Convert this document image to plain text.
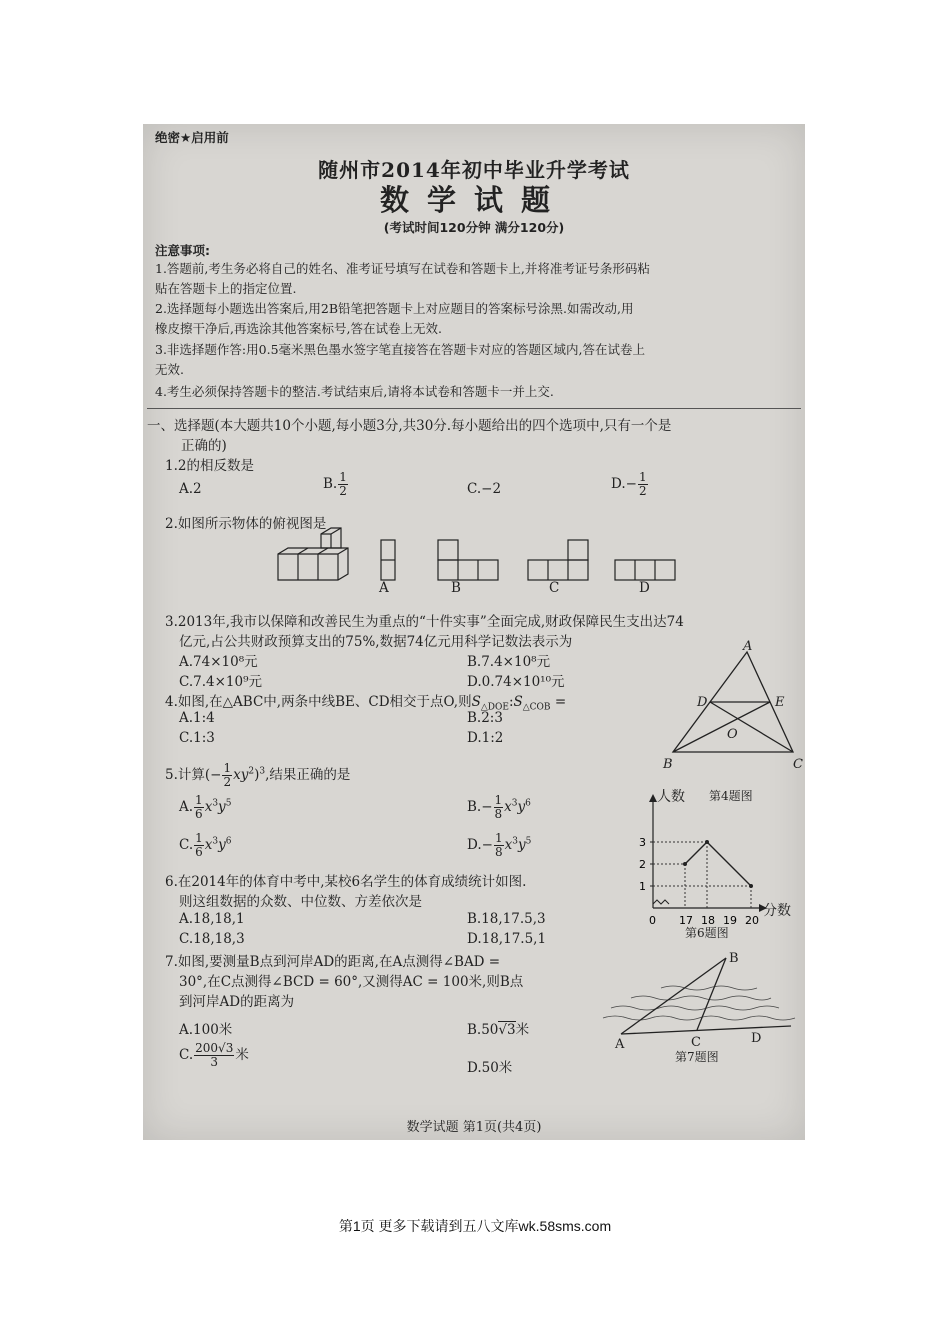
绝密★启用前
随州市2014年初中毕业升学考试
数学试题
(考试时间120分钟 满分120分)
注意事项:
1.答题前,考生务必将自己的姓名、准考证号填写在试卷和答题卡上,并将准考证号条形码粘
贴在答题卡上的指定位置.
2.选择题每小题选出答案后,用2B铅笔把答题卡上对应题目的答案标号涂黑.如需改动,用
橡皮擦干净后,再选涂其他答案标号,答在试卷上无效.
3.非选择题作答:用0.5毫米黑色墨水签字笔直接答在答题卡对应的答题区域内,答在试卷上
无效.
4.考生必须保持答题卡的整洁.考试结束后,请将本试卷和答题卡一并上交.
一、选择题(本大题共10个小题,每小题3分,共30分.每小题给出的四个选项中,只有一个是
正确的)
1.2的相反数是
A.2	B. $\frac{1}{2}$	C.−2	$D.- \frac{1}{2}$
2.如图所示物体的俯视图是
A	B	C	D
3.2013年,我市以保障和改善民生为重点的“十件实事”全面完成,财政保障民生支出达74
亿元,占公共财政预算支出的75%,数据74亿元用科学记数法表示为
A.74×10⁸元	B.7.4×10⁸元
C.7.4×10⁹元	D.0.74×10¹⁰元
4.如图,在△ABC中,两条中线BE、CD相交于点O,则$S_{\triangle DOE}:S_{\triangle COB}$ =
A.1:4	B.2:3
C.1:3	D.1:2
A
D	E
O
B	C
第4题图
5.计算(− $\frac{1}{2} xy^2)^3$,结果正确的是
A. $\frac{1}{6} x^3y^5$	$B.- \frac{1}{8} x^3y^6$
C. $\frac{1}{6} x^3y^6$	$D.- \frac{1}{8} x^3y^5$
1
2
3
0 17 18 19 20
人数
分数
第6题图
6.在2014年的体育中考中,某校6名学生的体育成绩统计如图.
则这组数据的众数、中位数、方差依次是
A.18,18,1	B.18,17.5,3
C.18,18,3	D.18,17.5,1
7.如图,要测量B点到河岸AD的距离,在A点测得∠BAD =
30°,在C点测得∠BCD = 60°,又测得AC = 100米,则B点
到河岸AD的距离为
A.100米	B.50√3米
C. $\frac{200√3}{3}$ 米
D.50米
B
A	C	D
第7题图
数学试题 第1页(共4页)
第1页 更多下载请到五八文库wk.58sms.com
